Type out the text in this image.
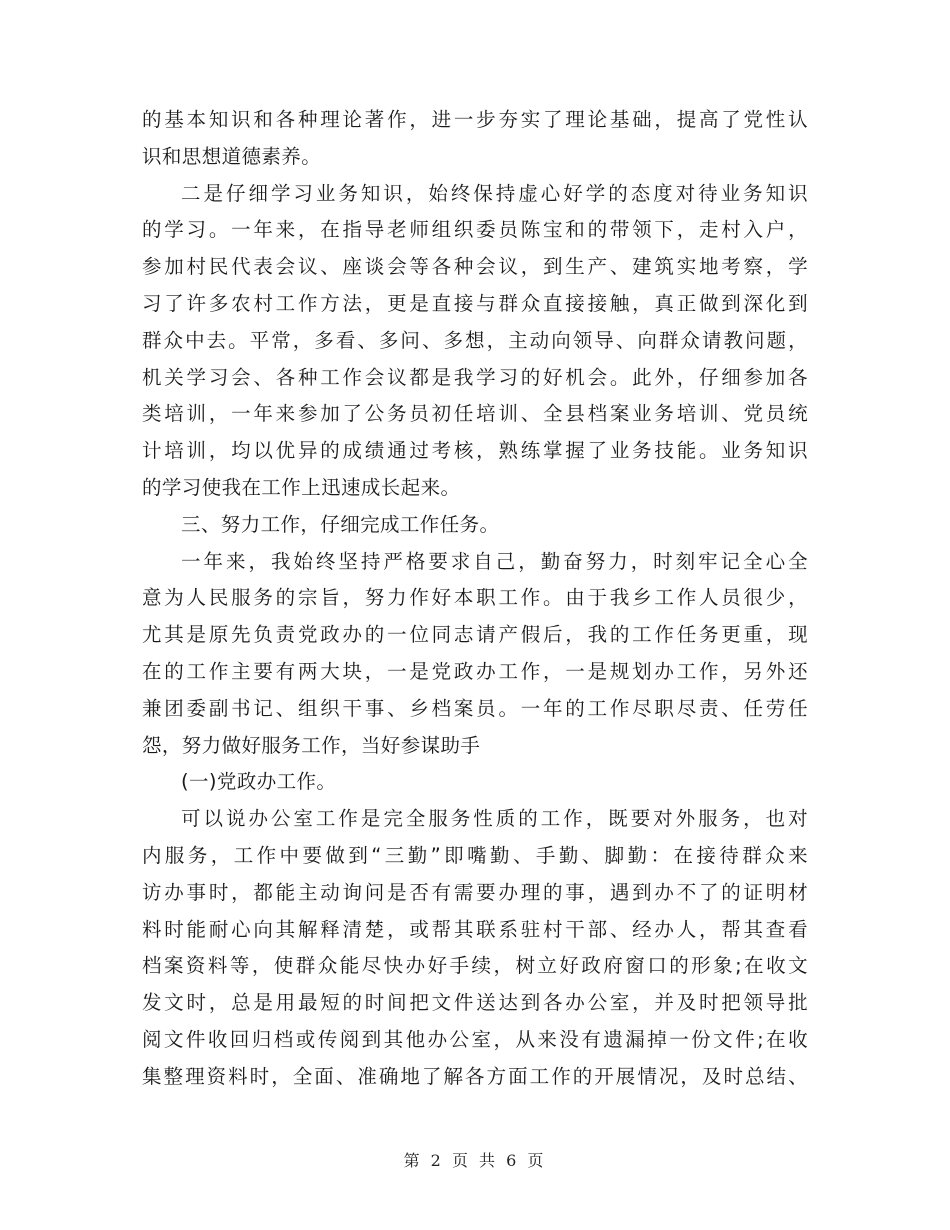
的基本知识和各种理论著作，进一步夯实了理论基础，提高了党性认
识和思想道德素养。
二是仔细学习业务知识，始终保持虚心好学的态度对待业务知识
的学习。一年来，在指导老师组织委员陈宝和的带领下，走村入户，
参加村民代表会议、座谈会等各种会议，到生产、建筑实地考察，学
习了许多农村工作方法，更是直接与群众直接接触，真正做到深化到
群众中去。平常，多看、多问、多想，主动向领导、向群众请教问题，
机关学习会、各种工作会议都是我学习的好机会。此外，仔细参加各
类培训，一年来参加了公务员初任培训、全县档案业务培训、党员统
计培训，均以优异的成绩通过考核，熟练掌握了业务技能。业务知识
的学习使我在工作上迅速成长起来。
三、努力工作，仔细完成工作任务。
一年来，我始终坚持严格要求自己，勤奋努力，时刻牢记全心全
意为人民服务的宗旨，努力作好本职工作。由于我乡工作人员很少，
尤其是原先负责党政办的一位同志请产假后，我的工作任务更重，现
在的工作主要有两大块，一是党政办工作，一是规划办工作，另外还
兼团委副书记、组织干事、乡档案员。一年的工作尽职尽责、任劳任
怨，努力做好服务工作，当好参谋助手
(一)党政办工作。
可以说办公室工作是完全服务性质的工作，既要对外服务，也对
内服务，工作中要做到“三勤”即嘴勤、手勤、脚勤：在接待群众来
访办事时，都能主动询问是否有需要办理的事，遇到办不了的证明材
料时能耐心向其解释清楚，或帮其联系驻村干部、经办人，帮其查看
档案资料等，使群众能尽快办好手续，树立好政府窗口的形象;在收文
发文时，总是用最短的时间把文件送达到各办公室，并及时把领导批
阅文件收回归档或传阅到其他办公室，从来没有遗漏掉一份文件;在收
集整理资料时，全面、准确地了解各方面工作的开展情况，及时总结、
第 2 页 共 6 页
